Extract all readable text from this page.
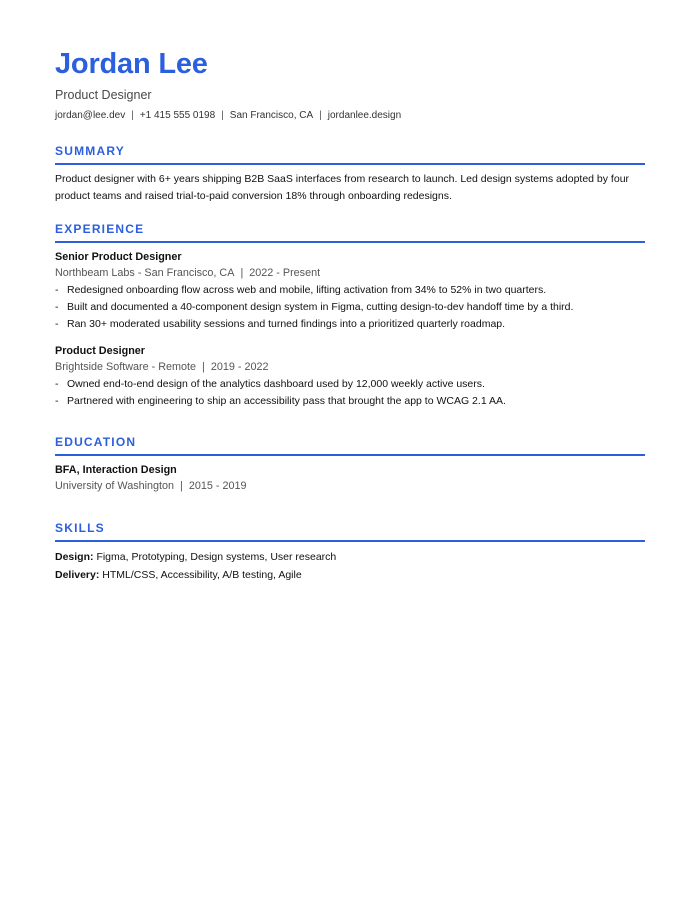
Jordan Lee
Product Designer
jordan@lee.dev | +1 415 555 0198 | San Francisco, CA | jordanlee.design
SUMMARY

Product designer with 6+ years shipping B2B SaaS interfaces from research to launch. Led design systems adopted by four product teams and raised trial-to-paid conversion 18% through onboarding redesigns.

EXPERIENCE
Senior Product Designer
Northbeam Labs - San Francisco, CA | 2022 - Present
- Redesigned onboarding flow across web and mobile, lifting activation from 34% to 52% in two quarters.
- Built and documented a 40-component design system in Figma, cutting design-to-dev handoff time by a third.
- Ran 30+ moderated usability sessions and turned findings into a prioritized quarterly roadmap.
Product Designer
Brightside Software - Remote | 2019 - 2022
- Owned end-to-end design of the analytics dashboard used by 12,000 weekly active users.
- Partnered with engineering to ship an accessibility pass that brought the app to WCAG 2.1 AA.
EDUCATION
BFA, Interaction Design
University of Washington | 2015 - 2019
SKILLS
Design: Figma, Prototyping, Design systems, User research
Delivery: HTML/CSS, Accessibility, A/B testing, Agile
